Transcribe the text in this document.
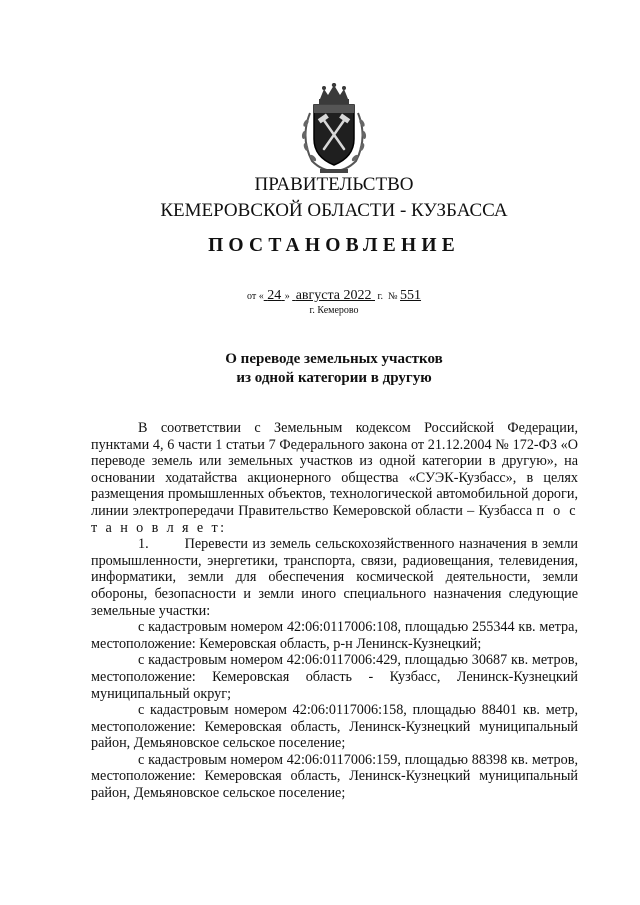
ПРАВИТЕЛЬСТВО
КЕМЕРОВСКОЙ ОБЛАСТИ - КУЗБАССА
ПОСТАНОВЛЕНИЕ
от « 24 » августа 2022 г. № 551
г. Кемерово
О переводе земельных участков
из одной категории в другую

В соответствии с Земельным кодексом Российской Федерации, пунктами 4, 6 части 1 статьи 7 Федерального закона от 21.12.2004 № 172-ФЗ «О переводе земель или земельных участков из одной категории в другую», на основании ходатайства акционерного общества «СУЭК-Кузбасс», в целях размещения промышленных объектов, технологической автомобильной дороги, линии электропередачи Правительство Кемеровской области – Кузбасса п о с т а н о в л я е т:

1.	Перевести из земель сельскохозяйственного назначения в земли промышленности, энергетики, транспорта, связи, радиовещания, телевидения, информатики, земли для обеспечения космической деятельности, земли обороны, безопасности и земли иного специального назначения следующие земельные участки:

с кадастровым номером 42:06:0117006:108, площадью 255344 кв. метра, местоположение: Кемеровская область, р-н Ленинск-Кузнецкий;

с кадастровым номером 42:06:0117006:429, площадью 30687 кв. метров, местоположение: Кемеровская область - Кузбасс, Ленинск-Кузнецкий муниципальный округ;

с кадастровым номером 42:06:0117006:158, площадью 88401 кв. метр, местоположение: Кемеровская область, Ленинск-Кузнецкий муниципальный район, Демьяновское сельское поселение;

с кадастровым номером 42:06:0117006:159, площадью 88398 кв. метров, местоположение: Кемеровская область, Ленинск-Кузнецкий муниципальный район, Демьяновское сельское поселение;
